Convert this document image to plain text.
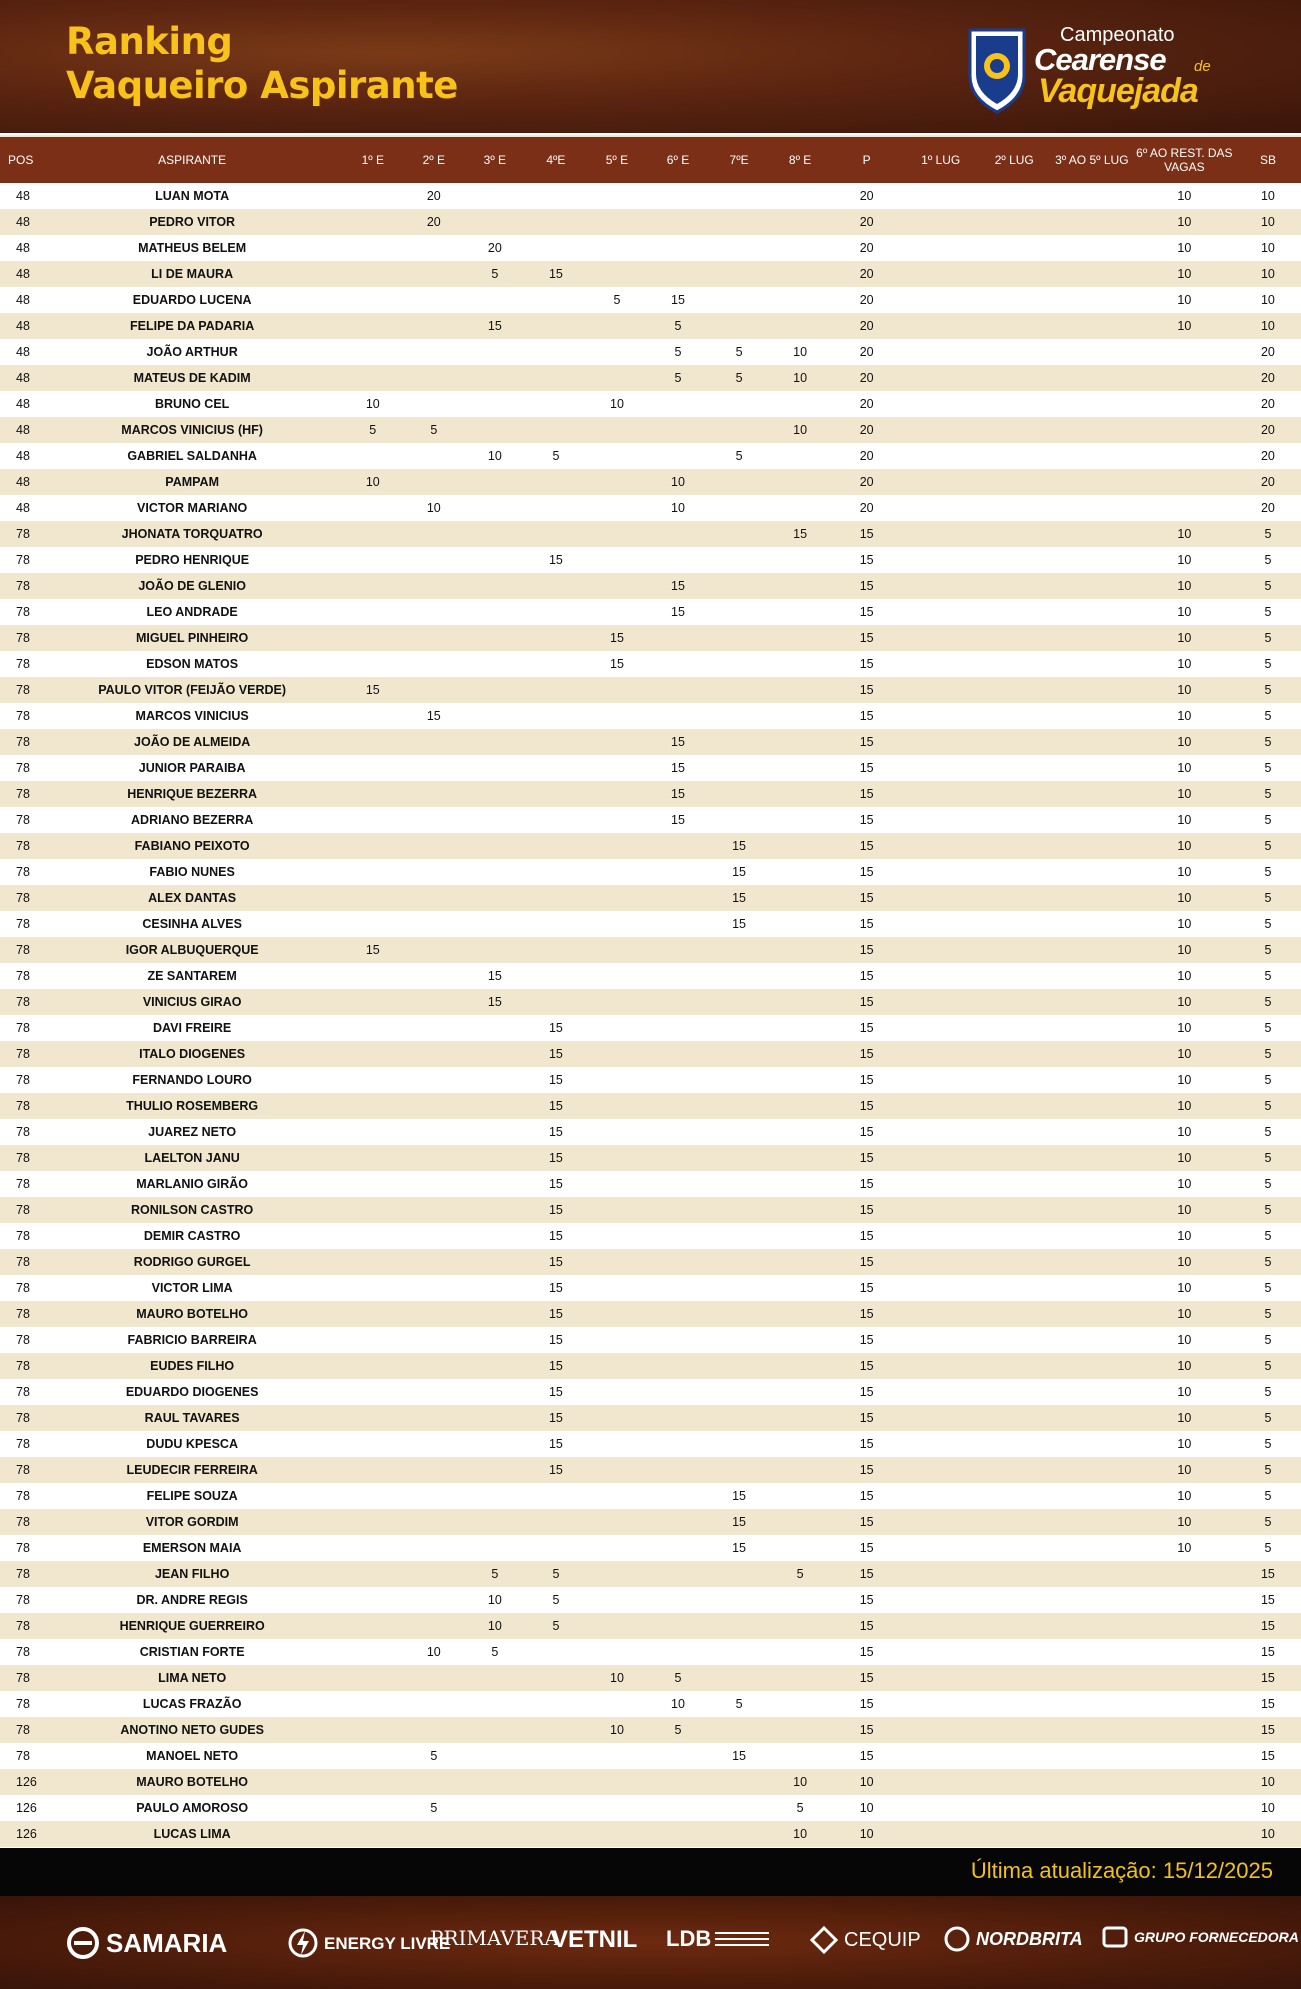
Ranking
Vaqueiro Aspirante
Campeonato
Cearense de
Vaquejada
POS	ASPIRANTE	1º E	2º E	3º E	4ºE	5º E	6º E	7ºE	8º E	P	1º LUG	2º LUG	3º AO 5º LUG	6º AO REST. DAS VAGAS	SB
48	LUAN MOTA		20							20				10	10
48	PEDRO VITOR		20							20				10	10
48	MATHEUS BELEM			20						20				10	10
48	LI DE MAURA			5	15					20				10	10
48	EDUARDO LUCENA					5	15			20				10	10
48	FELIPE DA PADARIA			15			5			20				10	10
48	JOÃO ARTHUR						5	5	10	20					20
48	MATEUS DE KADIM						5	5	10	20					20
48	BRUNO CEL	10				10				20					20
48	MARCOS VINICIUS (HF)	5	5						10	20					20
48	GABRIEL SALDANHA			10	5			5		20					20
48	PAMPAM	10					10			20					20
48	VICTOR MARIANO		10				10			20					20
78	JHONATA TORQUATRO								15	15				10	5
78	PEDRO HENRIQUE				15					15				10	5
78	JOÃO DE GLENIO						15			15				10	5
78	LEO ANDRADE						15			15				10	5
78	MIGUEL PINHEIRO					15				15				10	5
78	EDSON MATOS					15				15				10	5
78	PAULO VITOR (FEIJÃO VERDE)	15								15				10	5
78	MARCOS VINICIUS		15							15				10	5
78	JOÃO DE ALMEIDA						15			15				10	5
78	JUNIOR PARAIBA						15			15				10	5
78	HENRIQUE BEZERRA						15			15				10	5
78	ADRIANO BEZERRA						15			15				10	5
78	FABIANO PEIXOTO							15		15				10	5
78	FABIO NUNES							15		15				10	5
78	ALEX DANTAS							15		15				10	5
78	CESINHA ALVES							15		15				10	5
78	IGOR ALBUQUERQUE	15								15				10	5
78	ZE SANTAREM			15						15				10	5
78	VINICIUS GIRAO			15						15				10	5
78	DAVI FREIRE				15					15				10	5
78	ITALO DIOGENES				15					15				10	5
78	FERNANDO LOURO				15					15				10	5
78	THULIO ROSEMBERG				15					15				10	5
78	JUAREZ NETO				15					15				10	5
78	LAELTON JANU				15					15				10	5
78	MARLANIO GIRÃO				15					15				10	5
78	RONILSON CASTRO				15					15				10	5
78	DEMIR CASTRO				15					15				10	5
78	RODRIGO GURGEL				15					15				10	5
78	VICTOR LIMA				15					15				10	5
78	MAURO BOTELHO				15					15				10	5
78	FABRICIO BARREIRA				15					15				10	5
78	EUDES FILHO				15					15				10	5
78	EDUARDO DIOGENES				15					15				10	5
78	RAUL TAVARES				15					15				10	5
78	DUDU KPESCA				15					15				10	5
78	LEUDECIR FERREIRA				15					15				10	5
78	FELIPE SOUZA							15		15				10	5
78	VITOR GORDIM							15		15				10	5
78	EMERSON MAIA							15		15				10	5
78	JEAN FILHO			5	5				5	15					15
78	DR. ANDRE REGIS			10	5					15					15
78	HENRIQUE GUERREIRO			10	5					15					15
78	CRISTIAN FORTE		10	5						15					15
78	LIMA NETO					10	5			15					15
78	LUCAS FRAZÃO						10	5		15					15
78	ANOTINO NETO GUDES					10	5			15					15
78	MANOEL NETO		5					15		15					15
126	MAURO BOTELHO								10	10					10
126	PAULO AMOROSO		5						5	10					10
126	LUCAS LIMA								10	10					10
Última atualização: 15/12/2025
SAMARIA	ENERGY LIVRE
PRIMAVERA
VETNIL LDB	CEQUIP	NORDBRITA	GRUPO FORNECEDORA
